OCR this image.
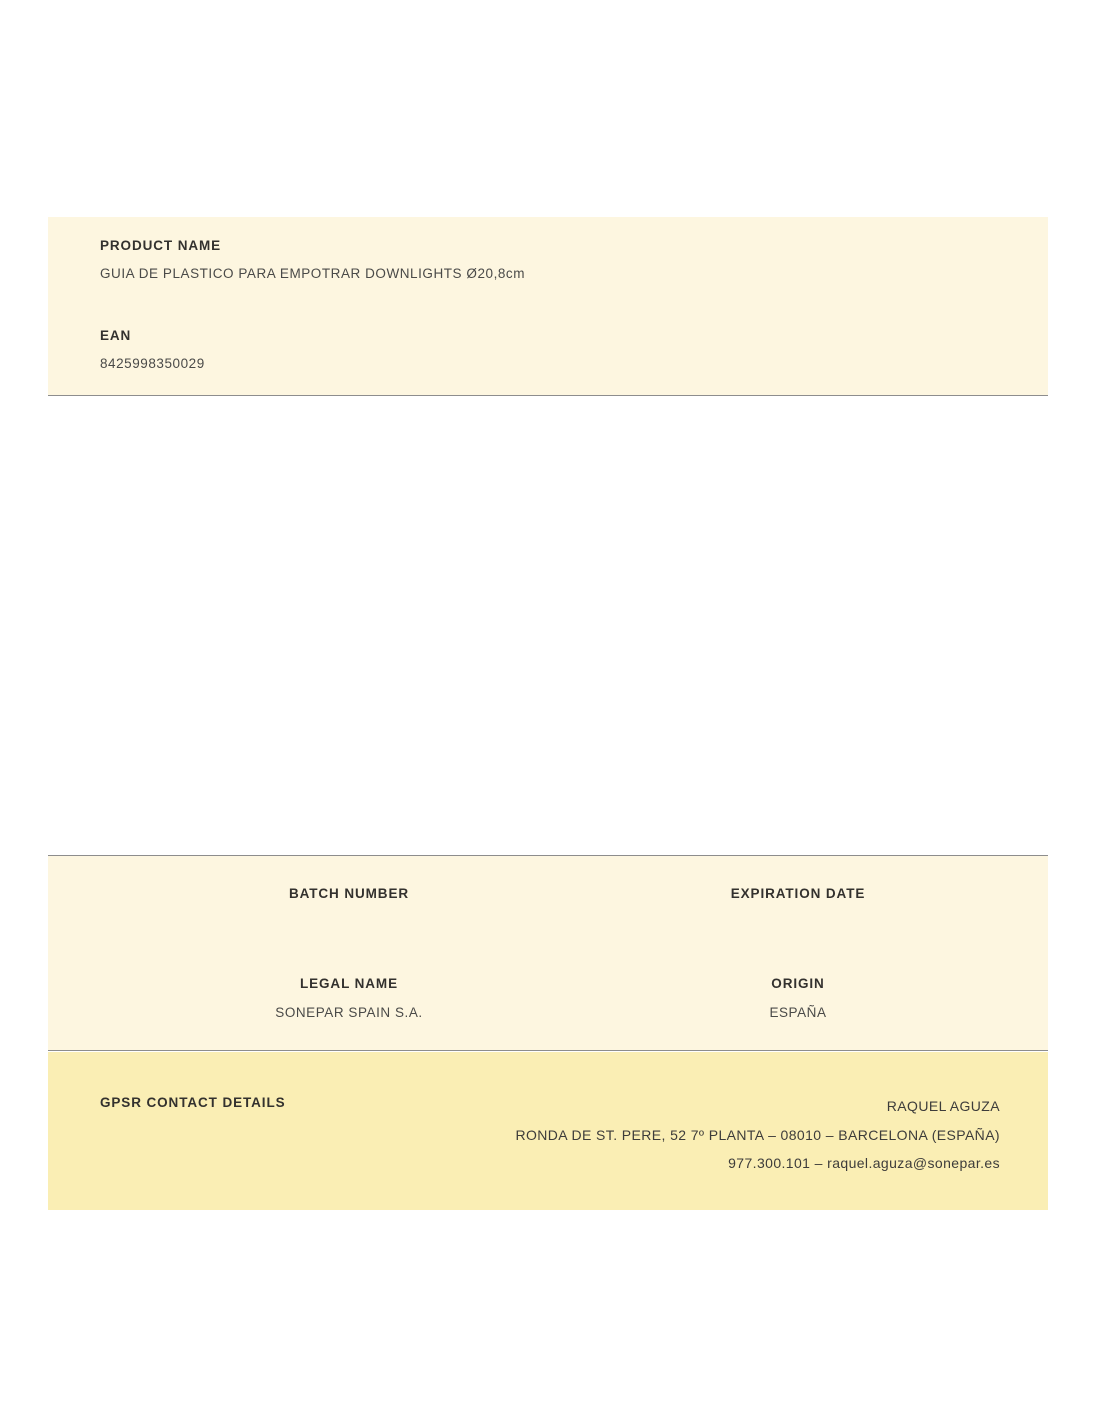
PRODUCT NAME
GUIA DE PLASTICO PARA EMPOTRAR DOWNLIGHTS Ø20,8cm
EAN
8425998350029
BATCH NUMBER	EXPIRATION DATE
LEGAL NAME
SONEPAR SPAIN S.A.
ORIGIN
ESPAÑA
GPSR CONTACT DETAILS	RAQUEL AGUZA
RONDA DE ST. PERE, 52 7º PLANTA – 08010 – BARCELONA (ESPAÑA)
977.300.101 – raquel.aguza@sonepar.es
